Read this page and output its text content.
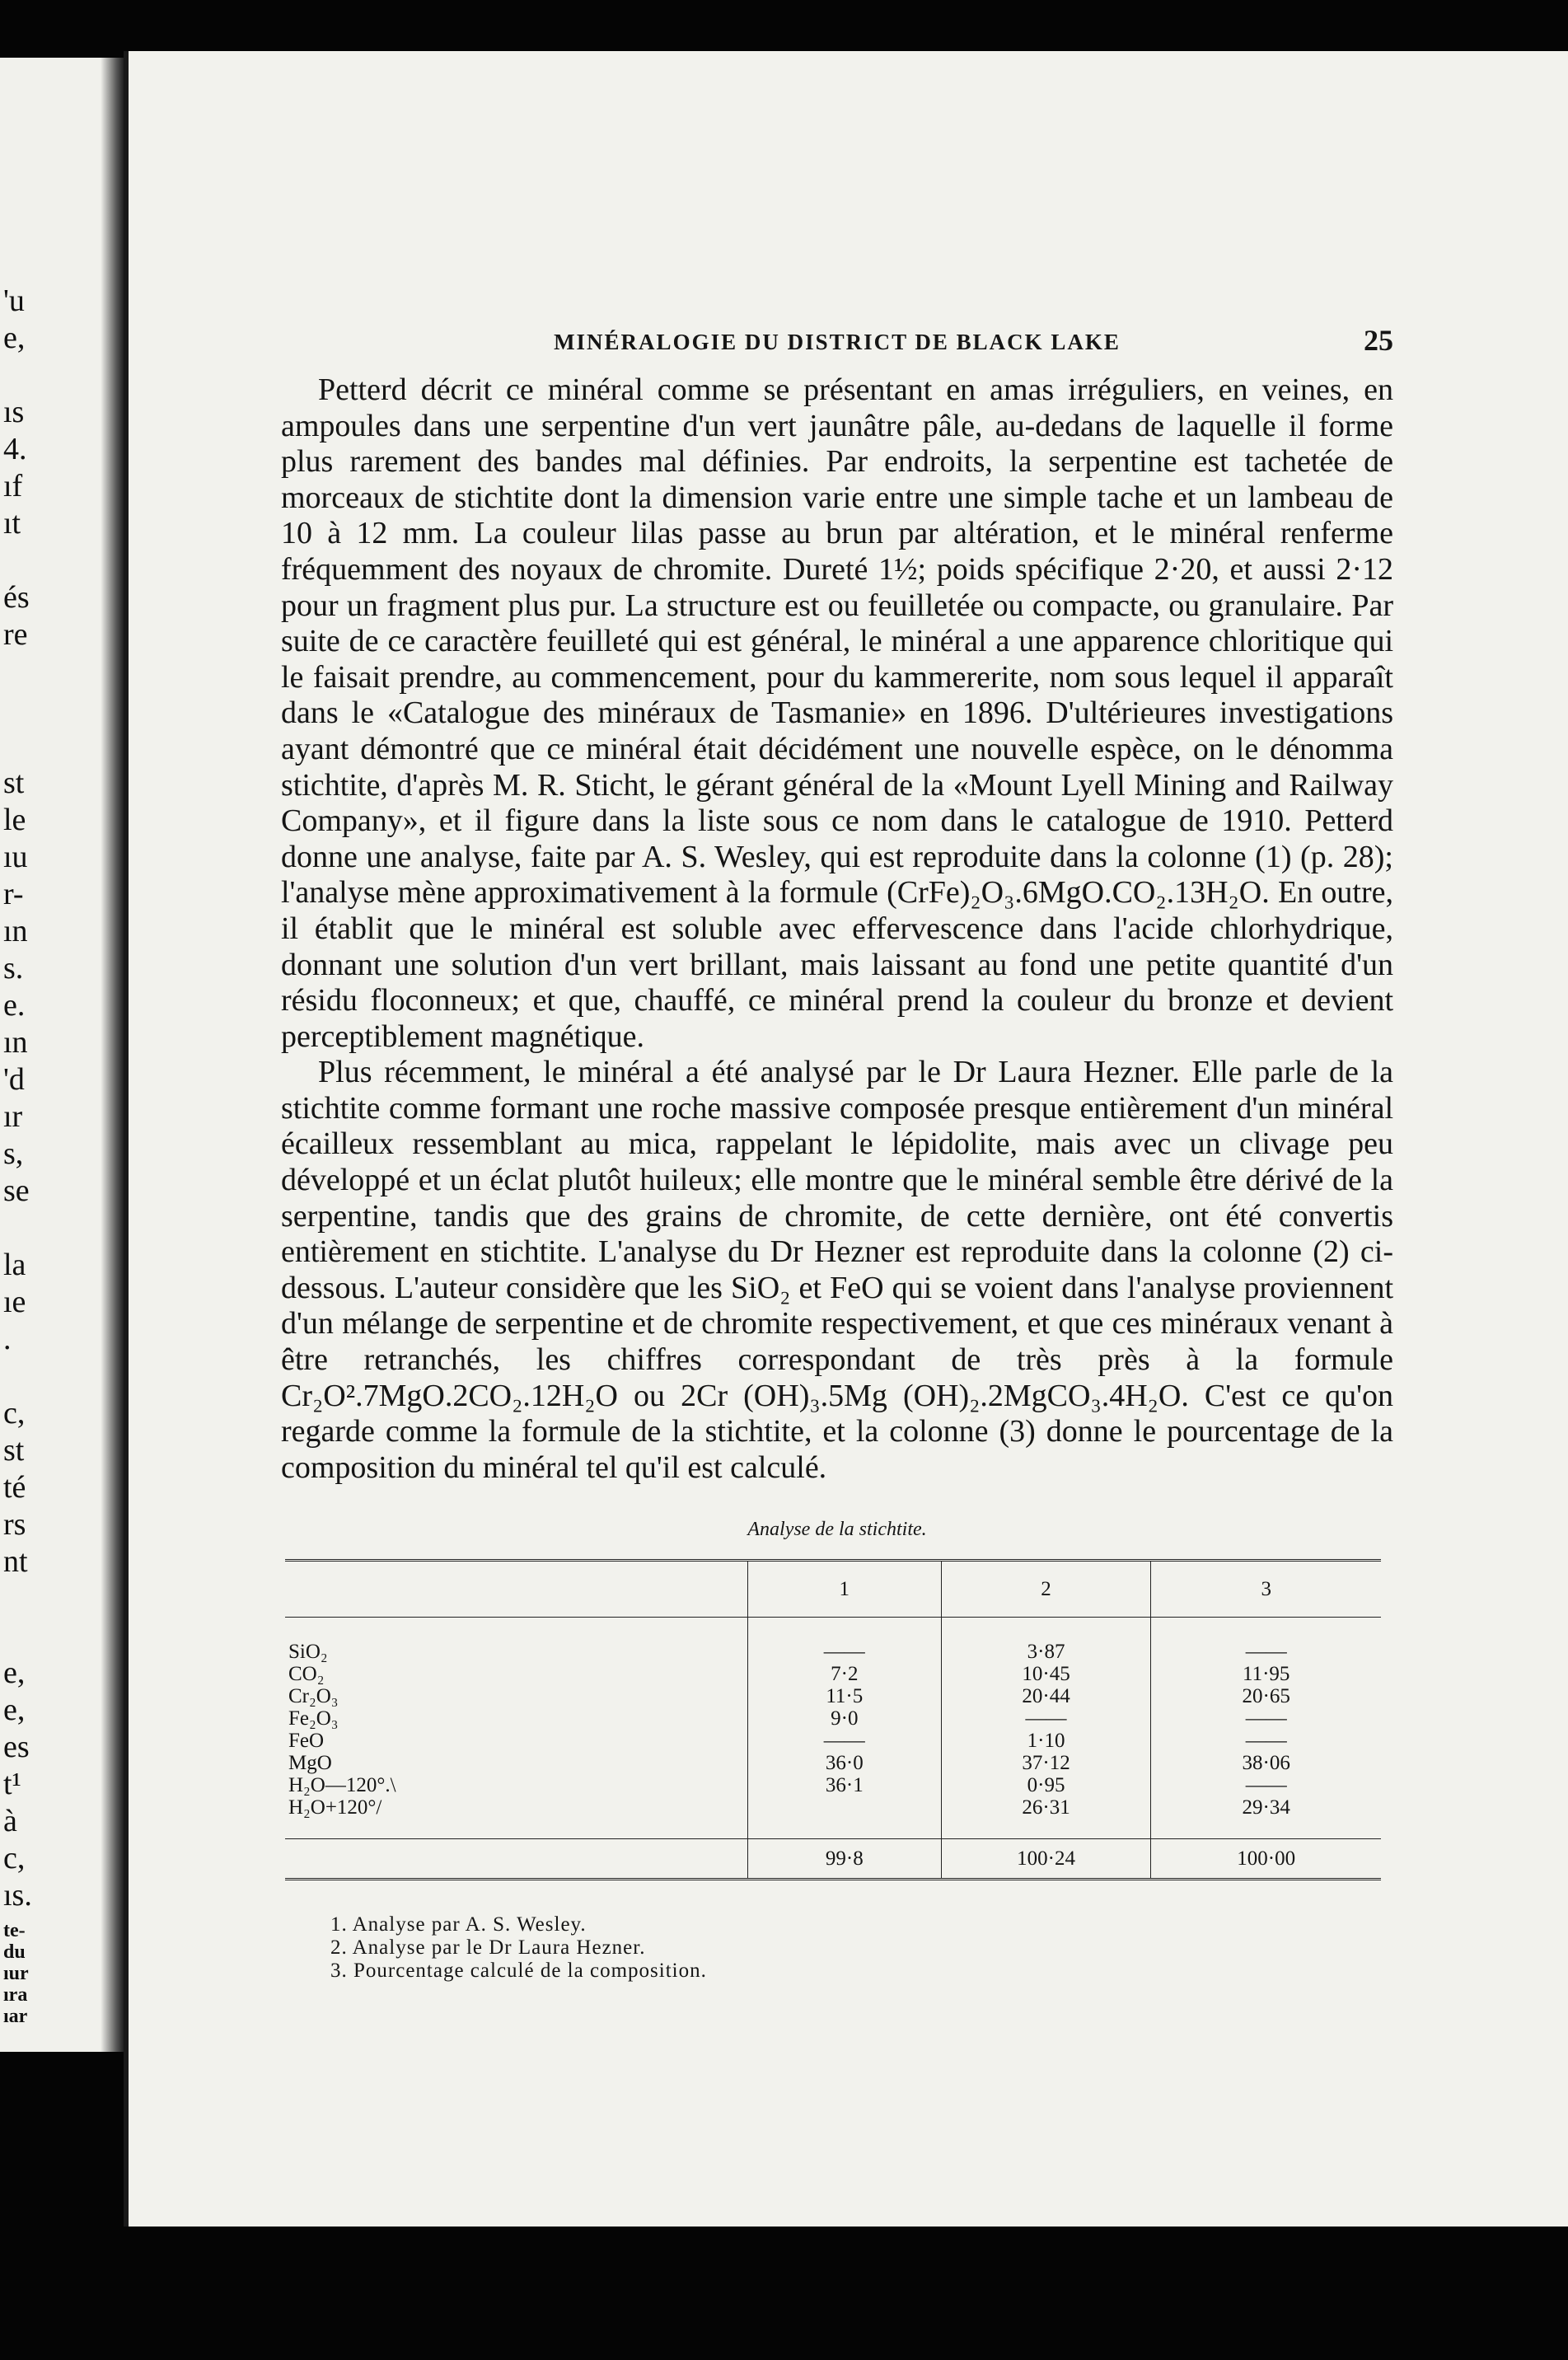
'u
e,
ıs
4.
ıf
ıt
és
re
st
le
ıu
r-
ın
s.
e.
ın
'd
ır
s,
se
la
ıe
.
c,
st
té
rs
nt
e,
e,
es
t¹
à
c,
ıs.
te-
du
ıur
ıra
ıar
MINÉRALOGIE DU DISTRICT DE BLACK LAKE	25

Petterd décrit ce minéral comme se présentant en amas irréguliers, en veines, en ampoules dans une serpentine d'un vert jaunâtre pâle, au-dedans de laquelle il forme plus rarement des bandes mal définies. Par endroits, la serpentine est tachetée de morceaux de stichtite dont la dimension varie entre une simple tache et un lambeau de 10 à 12 mm. La couleur lilas passe au brun par altération, et le minéral renferme fréquemment des noyaux de chromite. Dureté 1½; poids spécifique 2·20, et aussi 2·12 pour un fragment plus pur. La structure est ou feuilletée ou compacte, ou granulaire. Par suite de ce caractère feuilleté qui est général, le minéral a une apparence chloritique qui le faisait prendre, au commencement, pour du kammererite, nom sous lequel il apparaît dans le «Catalogue des minéraux de Tasmanie» en 1896. D'ultérieures investigations ayant démontré que ce minéral était décidément une nouvelle espèce, on le dénomma stichtite, d'après M. R. Sticht, le gérant général de la «Mount Lyell Mining and Railway Company», et il figure dans la liste sous ce nom dans le catalogue de 1910. Petterd donne une analyse, faite par A. S. Wesley, qui est reproduite dans la colonne (1) (p. 28); l'analyse mène approximativement à la formule (CrFe)₂O₃.6MgO.CO₂.13H₂O. En outre, il établit que le minéral est soluble avec effervescence dans l'acide chlorhydrique, donnant une solution d'un vert brillant, mais laissant au fond une petite quantité d'un résidu floconneux; et que, chauffé, ce minéral prend la couleur du bronze et devient perceptiblement magnétique.

Plus récemment, le minéral a été analysé par le Dr Laura Hezner. Elle parle de la stichtite comme formant une roche massive composée presque entièrement d'un minéral écailleux ressemblant au mica, rappelant le lépidolite, mais avec un clivage peu développé et un éclat plutôt huileux; elle montre que le minéral semble être dérivé de la serpentine, tandis que des grains de chromite, de cette dernière, ont été convertis entièrement en stichtite. L'analyse du Dr Hezner est reproduite dans la colonne (2) ci-dessous. L'auteur considère que les SiO₂ et FeO qui se voient dans l'analyse proviennent d'un mélange de serpentine et de chromite respectivement, et que ces minéraux venant à être retranchés, les chiffres correspondant de très près à la formule Cr₂O².7MgO.2CO₂.12H₂O ou 2Cr (OH)₃.5Mg (OH)₂.2MgCO₃.4H₂O. C'est ce qu'on regarde comme la formule de la stichtite, et la colonne (3) donne le pourcentage de la composition du minéral tel qu'il est calculé.

Analyse de la stichtite.
	1	2	3
SiO₂	——	3·87	——
CO₂	7·2	10·45	11·95
Cr₂O₃	11·5	20·44	20·65
Fe₂O₃	9·0	——	——
FeO	——	1·10	——
MgO	36·0	37·12	38·06
H₂O—120°.\	36·1	0·95	——
H₂O+120°/		26·31	29·34
	99·8	100·24	100·00
1. Analyse par A. S. Wesley.
2. Analyse par le Dr Laura Hezner.
3. Pourcentage calculé de la composition.
